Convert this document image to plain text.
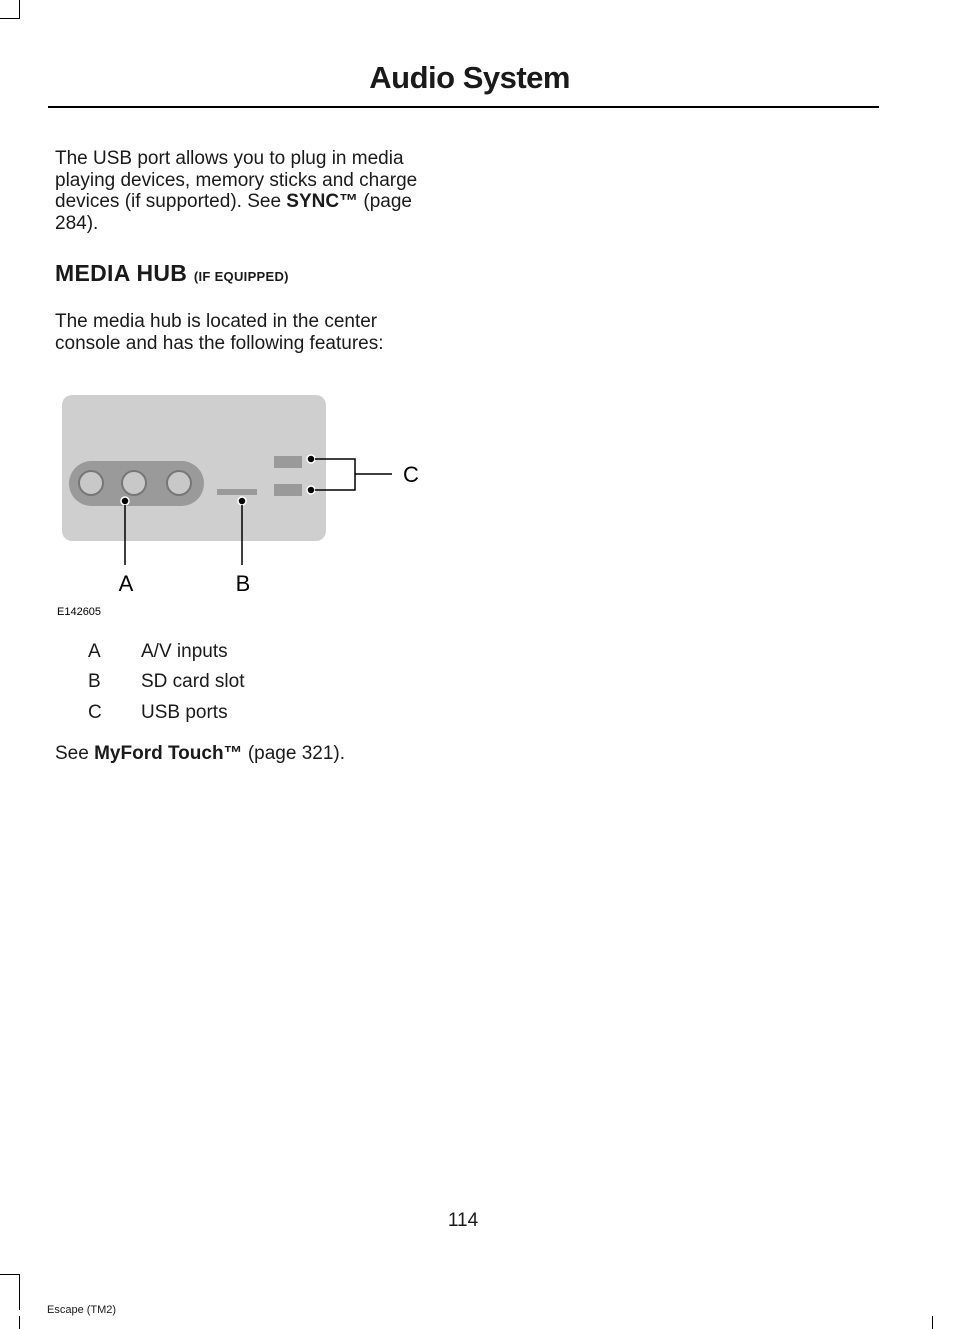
Audio System
The USB port allows you to plug in media playing devices, memory sticks and charge devices (if supported). See SYNC™ (page 284).
MEDIA HUB (IF EQUIPPED)
The media hub is located in the center console and has the following features:
C
A	B
E142605
A	A/V inputs
B	SD card slot
C	USB ports
See MyFord Touch™ (page 321).
114
Escape (TM2)
